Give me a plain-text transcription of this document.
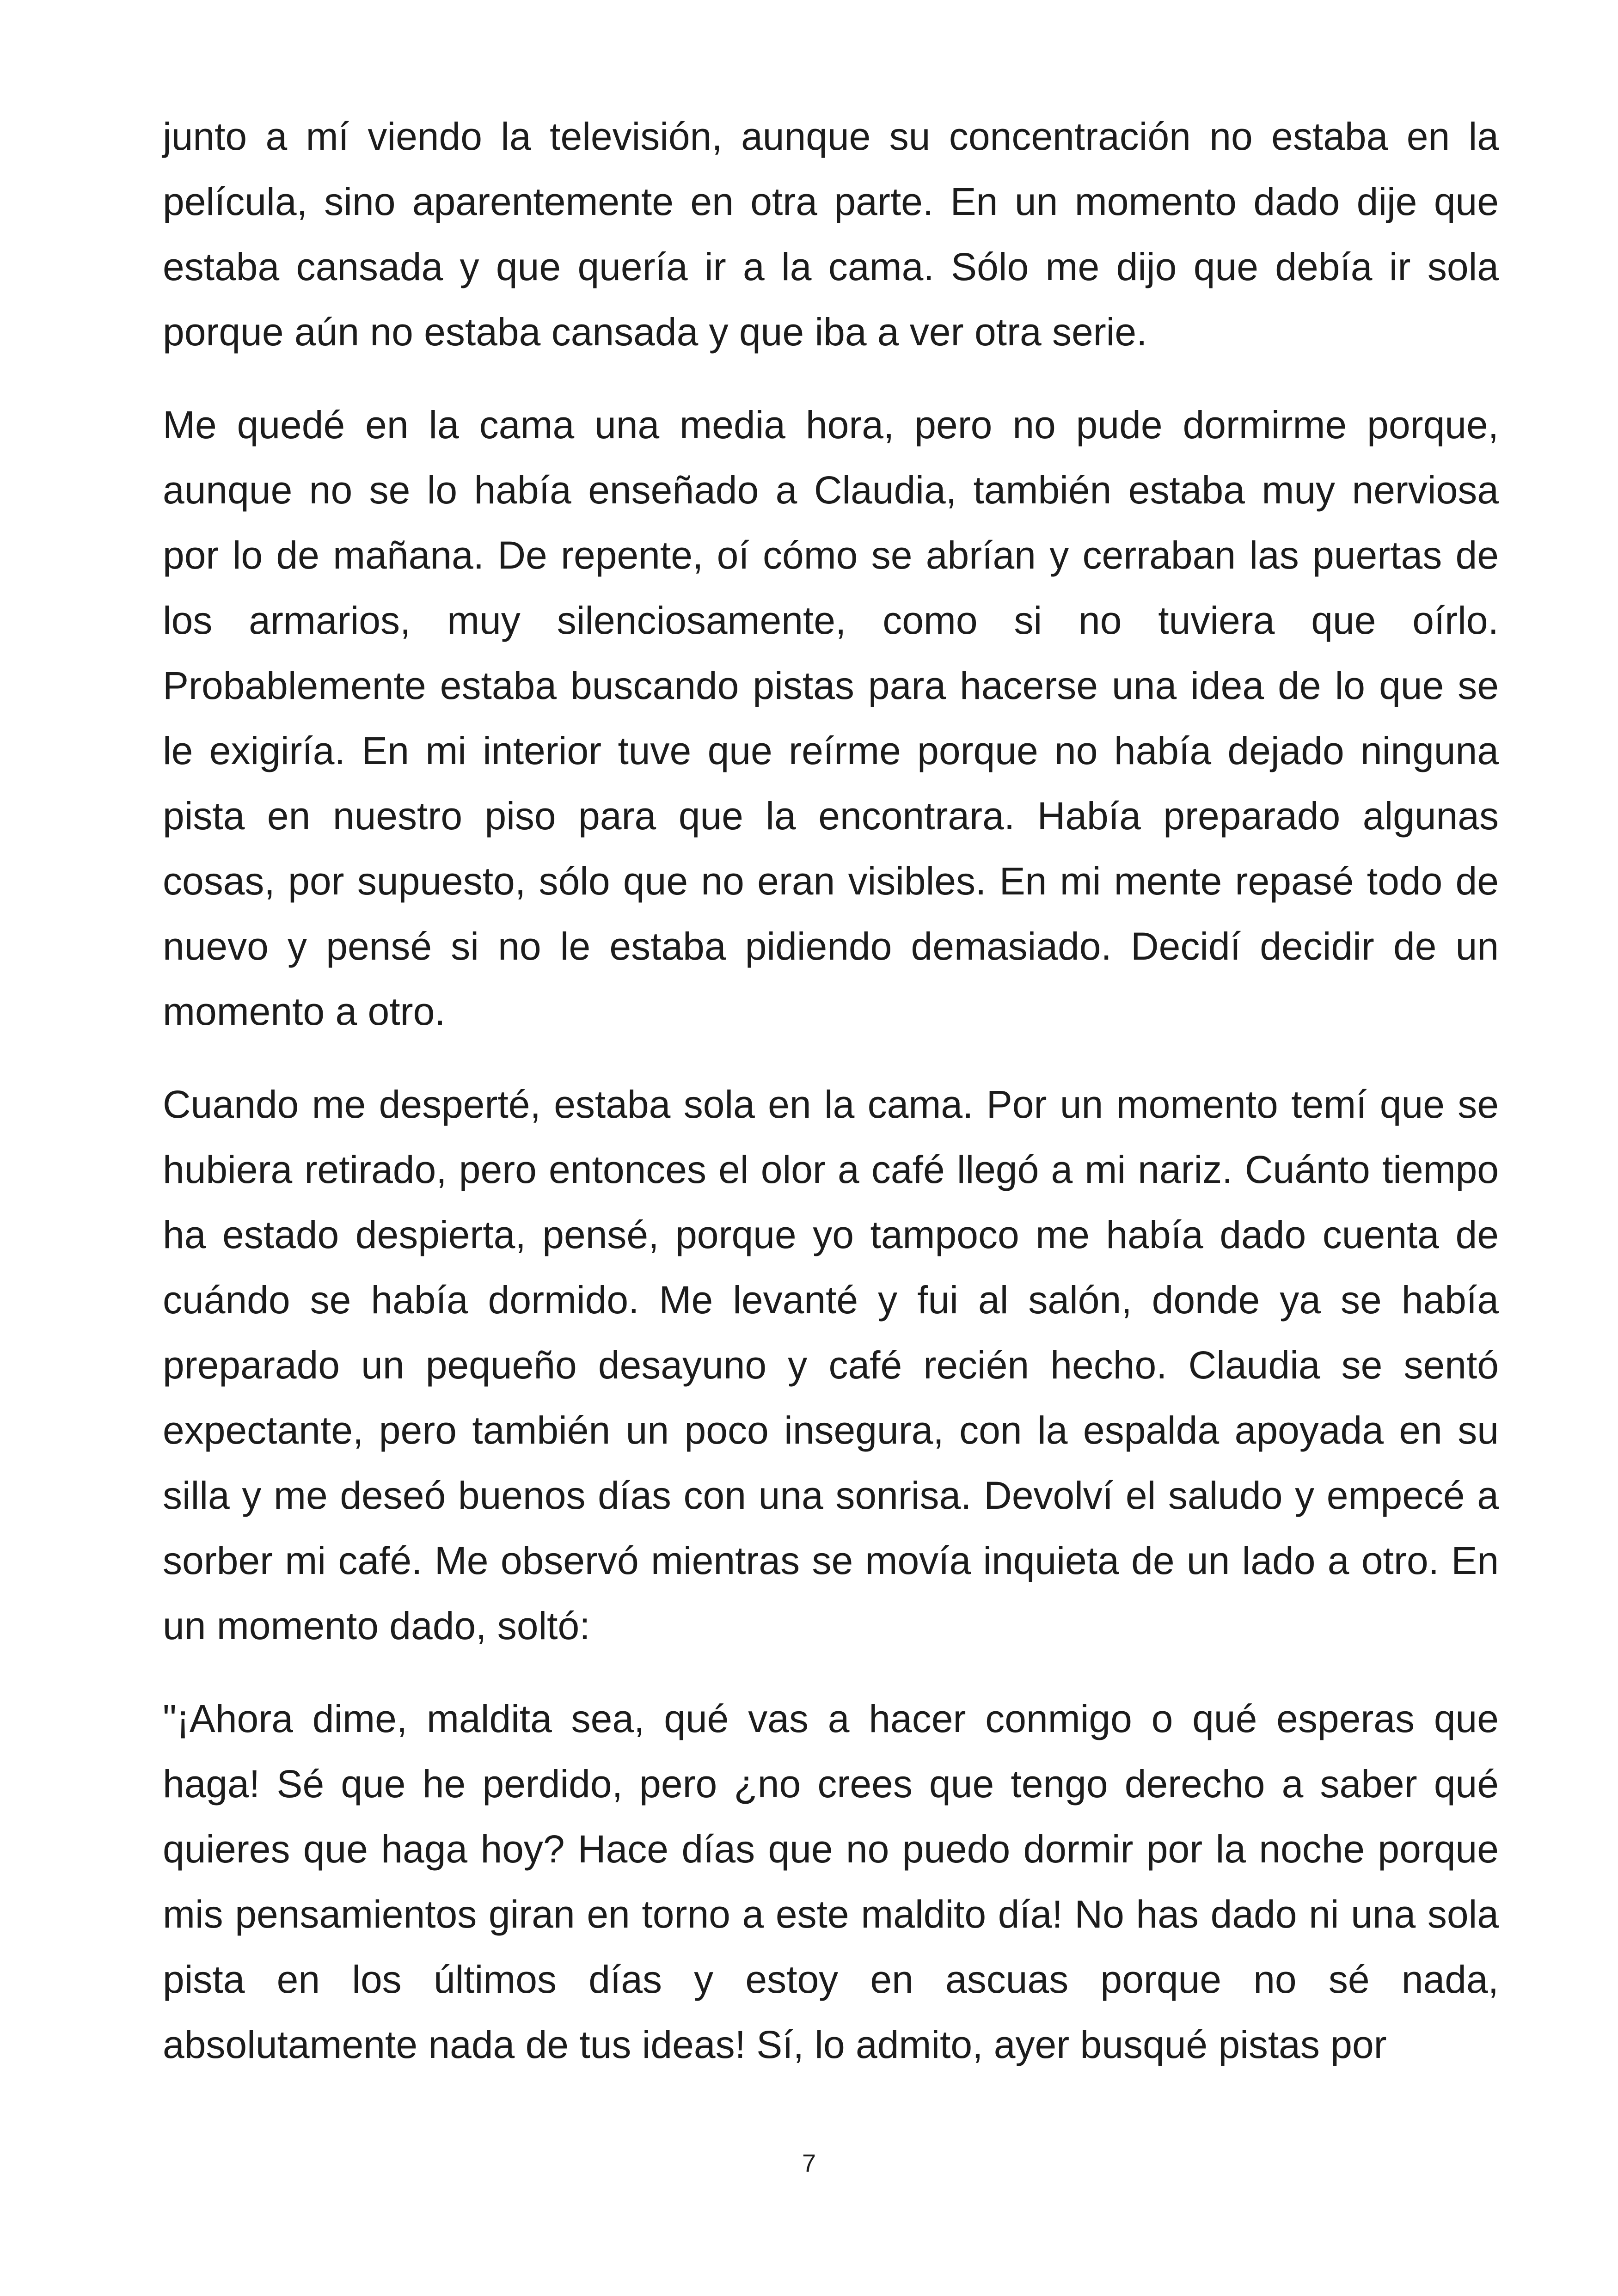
junto a mí viendo la televisión, aunque su concentración no estaba en la película, sino aparentemente en otra parte. En un momento dado dije que estaba cansada y que quería ir a la cama. Sólo me dijo que debía ir sola porque aún no estaba cansada y que iba a ver otra serie.

Me quedé en la cama una media hora, pero no pude dormirme porque, aunque no se lo había enseñado a Claudia, también estaba muy nerviosa por lo de mañana. De repente, oí cómo se abrían y cerraban las puertas de los armarios, muy silenciosamente, como si no tuviera que oírlo. Probablemente estaba buscando pistas para hacerse una idea de lo que se le exigiría. En mi interior tuve que reírme porque no había dejado ninguna pista en nuestro piso para que la encontrara. Había preparado algunas cosas, por supuesto, sólo que no eran visibles. En mi mente repasé todo de nuevo y pensé si no le estaba pidiendo demasiado. Decidí decidir de un momento a otro.

Cuando me desperté, estaba sola en la cama. Por un momento temí que se hubiera retirado, pero entonces el olor a café llegó a mi nariz. Cuánto tiempo ha estado despierta, pensé, porque yo tampoco me había dado cuenta de cuándo se había dormido. Me levanté y fui al salón, donde ya se había preparado un pequeño desayuno y café recién hecho. Claudia se sentó expectante, pero también un poco insegura, con la espalda apoyada en su silla y me deseó buenos días con una sonrisa. Devolví el saludo y empecé a sorber mi café. Me observó mientras se movía inquieta de un lado a otro. En un momento dado, soltó:

"¡Ahora dime, maldita sea, qué vas a hacer conmigo o qué esperas que haga! Sé que he perdido, pero ¿no crees que tengo derecho a saber qué quieres que haga hoy? Hace días que no puedo dormir por la noche porque mis pensamientos giran en torno a este maldito día! No has dado ni una sola pista en los últimos días y estoy en ascuas porque no sé nada, absolutamente nada de tus ideas! Sí, lo admito, ayer busqué pistas por

7
